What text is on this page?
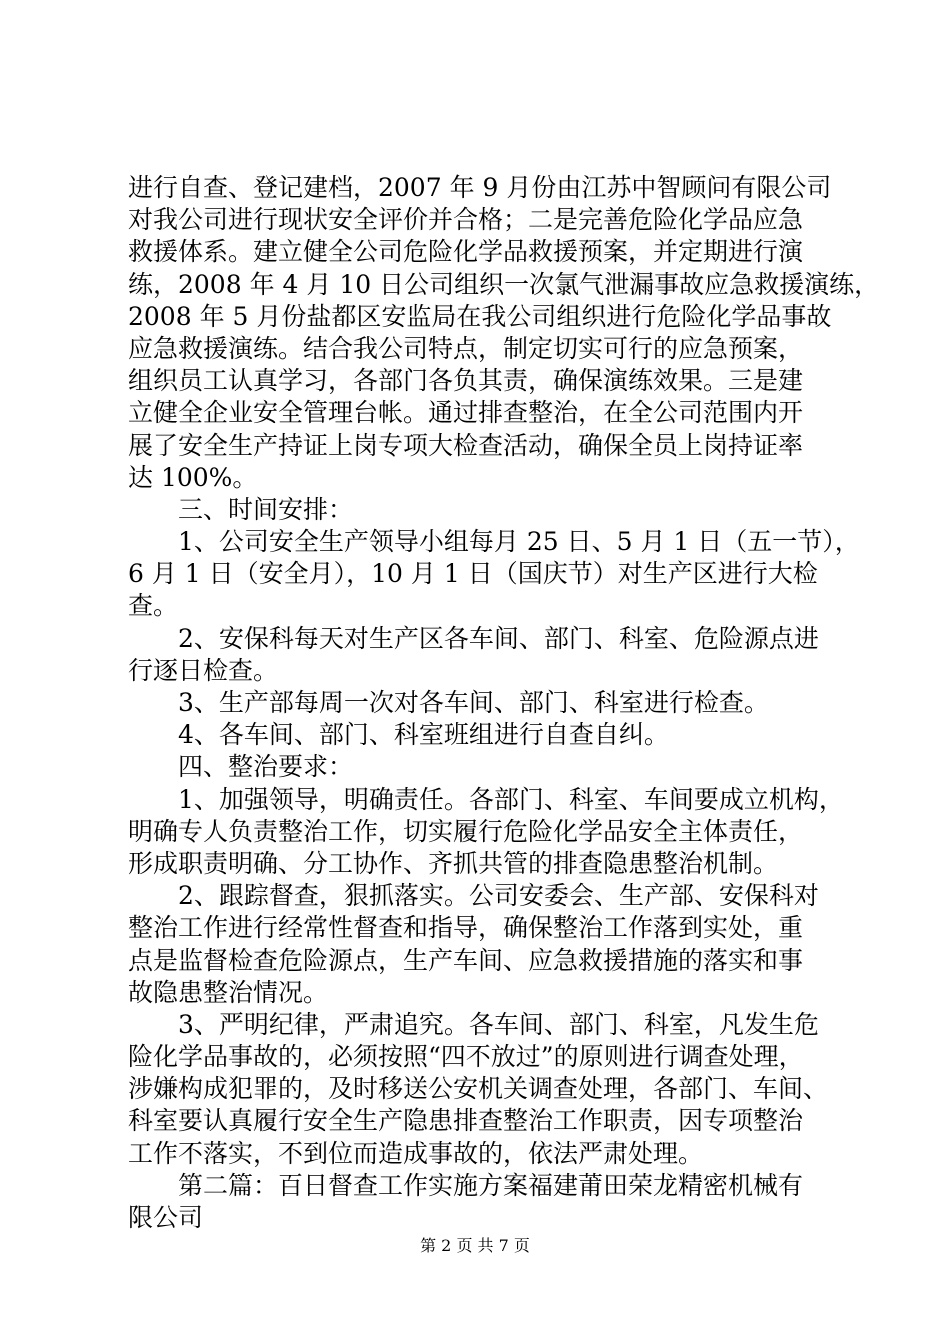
进行自查、登记建档，2007 年 9 月份由江苏中智顾问有限公司
对我公司进行现状安全评价并合格；二是完善危险化学品应急
救援体系。建立健全公司危险化学品救援预案，并定期进行演
练，2008 年 4 月 10 日公司组织一次氯气泄漏事故应急救援演练，
2008 年 5 月份盐都区安监局在我公司组织进行危险化学品事故
应急救援演练。结合我公司特点，制定切实可行的应急预案，
组织员工认真学习，各部门各负其责，确保演练效果。三是建
立健全企业安全管理台帐。通过排查整治，在全公司范围内开
展了安全生产持证上岗专项大检查活动，确保全员上岗持证率
达 100%。
　　三、时间安排：
　　1、公司安全生产领导小组每月 25 日、5 月 1 日（五一节），
6 月 1 日（安全月），10 月 1 日（国庆节）对生产区进行大检
查。
　　2、安保科每天对生产区各车间、部门、科室、危险源点进
行逐日检查。
　　3、生产部每周一次对各车间、部门、科室进行检查。
　　4、各车间、部门、科室班组进行自查自纠。
　　四、整治要求：
　　1、加强领导，明确责任。各部门、科室、车间要成立机构，
明确专人负责整治工作，切实履行危险化学品安全主体责任，
形成职责明确、分工协作、齐抓共管的排查隐患整治机制。
　　2、跟踪督查，狠抓落实。公司安委会、生产部、安保科对
整治工作进行经常性督查和指导，确保整治工作落到实处，重
点是监督检查危险源点，生产车间、应急救援措施的落实和事
故隐患整治情况。
　　3、严明纪律，严肃追究。各车间、部门、科室，凡发生危
险化学品事故的，必须按照“四不放过”的原则进行调查处理，
涉嫌构成犯罪的，及时移送公安机关调查处理，各部门、车间、
科室要认真履行安全生产隐患排查整治工作职责，因专项整治
工作不落实，不到位而造成事故的，依法严肃处理。
　　第二篇：百日督查工作实施方案福建莆田荣龙精密机械有
限公司
第 2 页 共 7 页
